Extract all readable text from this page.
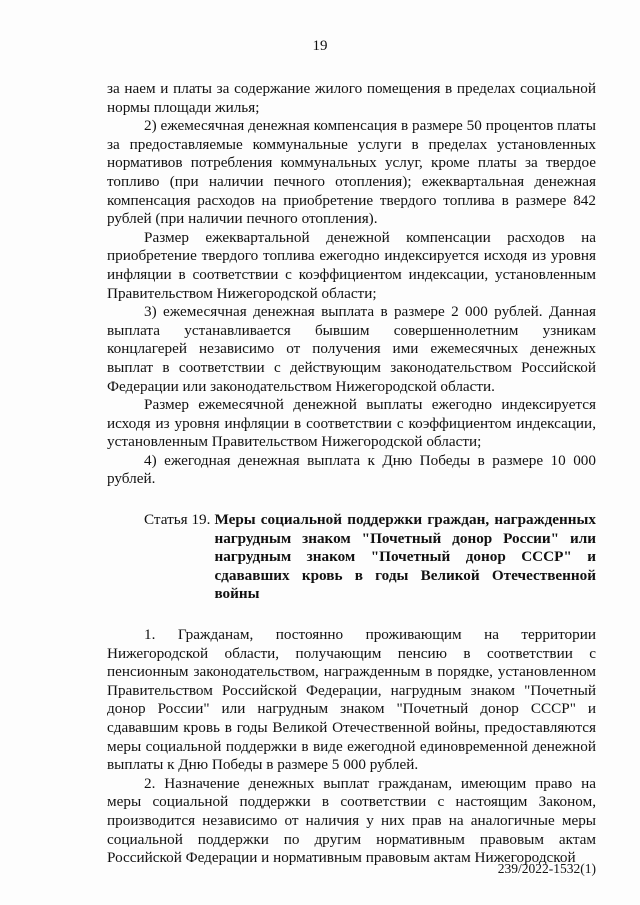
19

за наем и платы за содержание жилого помещения в пределах социальной нормы площади жилья;

2) ежемесячная денежная компенсация в размере 50 процентов платы за предоставляемые коммунальные услуги в пределах установленных нормативов потребления коммунальных услуг, кроме платы за твердое топливо (при наличии печного отопления); ежеквартальная денежная компенсация расходов на приобретение твердого топлива в размере 842 рублей (при наличии печного отопления).

Размер ежеквартальной денежной компенсации расходов на приобретение твердого топлива ежегодно индексируется исходя из уровня инфляции в соответствии с коэффициентом индексации, установленным Правительством Нижегородской области;

3) ежемесячная денежная выплата в размере 2 000 рублей. Данная выплата устанавливается бывшим совершеннолетним узникам концлагерей независимо от получения ими ежемесячных денежных выплат в соответствии с действующим законодательством Российской Федерации или законодательством Нижегородской области.

Размер ежемесячной денежной выплаты ежегодно индексируется исходя из уровня инфляции в соответствии с коэффициентом индексации, установленным Правительством Нижегородской области;

4) ежегодная денежная выплата к Дню Победы в размере 10 000 рублей.

Статья 19. Меры социальной поддержки граждан, награжденных нагрудным знаком "Почетный донор России" или нагрудным знаком "Почетный донор СССР" и сдававших кровь в годы Великой Отечественной войны

1. Гражданам, постоянно проживающим на территории Нижегородской области, получающим пенсию в соответствии с пенсионным законодательством, награжденным в порядке, установленном Правительством Российской Федерации, нагрудным знаком "Почетный донор России" или нагрудным знаком "Почетный донор СССР" и сдававшим кровь в годы Великой Отечественной войны, предоставляются меры социальной поддержки в виде ежегодной единовременной денежной выплаты к Дню Победы в размере 5 000 рублей.

2. Назначение денежных выплат гражданам, имеющим право на меры социальной поддержки в соответствии с настоящим Законом, производится независимо от наличия у них прав на аналогичные меры социальной поддержки по другим нормативным правовым актам Российской Федерации и нормативным правовым актам Нижегородской

239/2022-1532(1)
